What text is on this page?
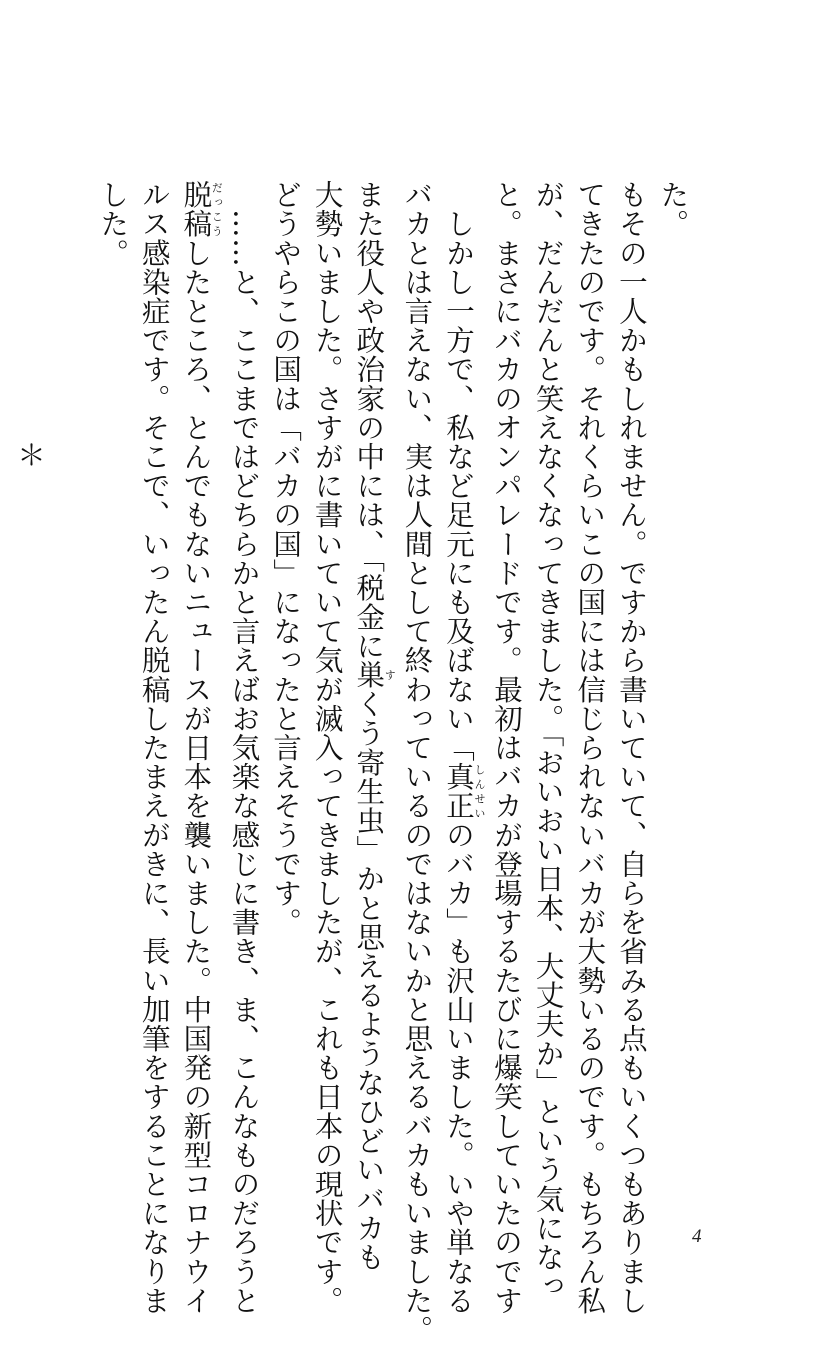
た。
もその一人かもしれません。ですから書いていて、自らを省みる点もいくつもありまし
てきたのです。それくらいこの国には信じられないバカが大勢いるのです。もちろん私
が、だんだんと笑えなくなってきました。「おいおい日本、大丈夫か」という気になっ
と。まさにバカのオンパレードです。最初はバカが登場するたびに爆笑していたのです
　しかし一方で、私など足元にも及ばない「真正しんせいのバカ」も沢山いました。いや単なる
バカとは言えない、実は人間として終わっているのではないかと思えるバカもいました。
また役人や政治家の中には、「税金に巣すくう寄生虫」かと思えるようなひどいバカも
大勢いました。さすがに書いていて気が滅入ってきましたが、これも日本の現状です。
どうやらこの国は「バカの国」になったと言えそうです。
　……と、ここまではどちらかと言えばお気楽な感じに書き、ま、こんなものだろうと
脱稿だっこうしたところ、とんでもないニュースが日本を襲いました。中国発の新型コロナウイ
ルス感染症です。そこで、いったん脱稿したまえがきに、長い加筆をすることになりま
した。
＊
4
